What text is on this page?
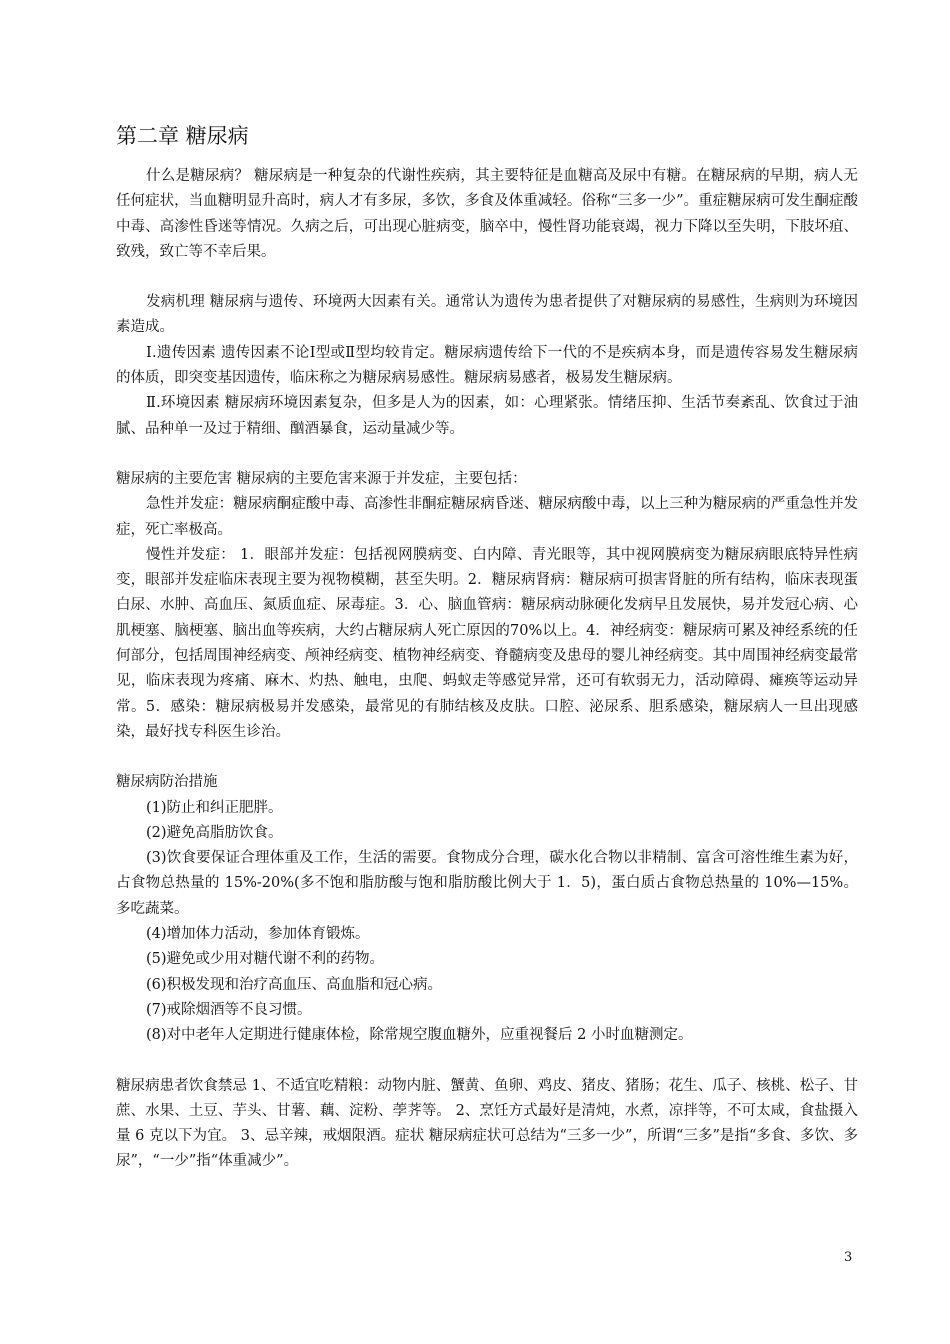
第二章 糖尿病

什么是糖尿病？ 糖尿病是一种复杂的代谢性疾病，其主要特征是血糖高及尿中有糖。在糖尿病的早期，病人无任何症状，当血糖明显升高时，病人才有多尿，多饮，多食及体重减轻。俗称“三多一少”。重症糖尿病可发生酮症酸中毒、高渗性昏迷等情况。久病之后，可出现心脏病变，脑卒中，慢性肾功能衰竭，视力下降以至失明，下肢坏疽、致残，致亡等不幸后果。

发病机理 糖尿病与遗传、环境两大因素有关。通常认为遗传为患者提供了对糖尿病的易感性，生病则为环境因素造成。

Ⅰ.遗传因素 遗传因素不论Ⅰ型或Ⅱ型均较肯定。糖尿病遗传给下一代的不是疾病本身，而是遗传容易发生糖尿病的体质，即突变基因遗传，临床称之为糖尿病易感性。糖尿病易感者，极易发生糖尿病。

Ⅱ.环境因素 糖尿病环境因素复杂，但多是人为的因素，如：心理紧张。情绪压抑、生活节奏紊乱、饮食过于油腻、品种单一及过于精细、酗酒暴食，运动量减少等。

糖尿病的主要危害 糖尿病的主要危害来源于并发症，主要包括：

急性并发症：糖尿病酮症酸中毒、高渗性非酮症糖尿病昏迷、糖尿病酸中毒，以上三种为糖尿病的严重急性并发症，死亡率极高。

慢性并发症： 1．眼部并发症：包括视网膜病变、白内障、青光眼等，其中视网膜病变为糖尿病眼底特异性病变，眼部并发症临床表现主要为视物模糊，甚至失明。2．糖尿病肾病：糖尿病可损害肾脏的所有结构，临床表现蛋白尿、水肿、高血压、氮质血症、尿毒症。3．心、脑血管病：糖尿病动脉硬化发病早且发展快，易并发冠心病、心肌梗塞、脑梗塞、脑出血等疾病，大约占糖尿病人死亡原因的70%以上。4．神经病变：糖尿病可累及神经系统的任何部分，包括周围神经病变、颅神经病变、植物神经病变、脊髓病变及患母的婴儿神经病变。其中周围神经病变最常见，临床表现为疼痛、麻木、灼热、触电，虫爬、蚂蚁走等感觉异常，还可有软弱无力，活动障碍、瘫痪等运动异常。5．感染：糖尿病极易并发感染，最常见的有肺结核及皮肤。口腔、泌尿系、胆系感染，糖尿病人一旦出现感染，最好找专科医生诊治。

糖尿病防治措施

(1)防止和纠正肥胖。

(2)避免高脂肪饮食。

(3)饮食要保证合理体重及工作，生活的需要。食物成分合理，碳水化合物以非精制、富含可溶性维生素为好，占食物总热量的 15%-20%(多不饱和脂肪酸与饱和脂肪酸比例大于 1．5)，蛋白质占食物总热量的 10%—15%。多吃蔬菜。

(4)增加体力活动，参加体育锻炼。

(5)避免或少用对糖代谢不利的药物。

(6)积极发现和治疗高血压、高血脂和冠心病。

(7)戒除烟酒等不良习惯。

(8)对中老年人定期进行健康体检，除常规空腹血糖外，应重视餐后 2 小时血糖测定。

糖尿病患者饮食禁忌 1、不适宜吃精粮：动物内脏、蟹黄、鱼卵、鸡皮、猪皮、猪肠；花生、瓜子、核桃、松子、甘蔗、水果、土豆、芋头、甘薯、藕、淀粉、荸荠等。 2、烹饪方式最好是清炖，水煮，凉拌等，不可太咸，食盐摄入量 6 克以下为宜。 3、忌辛辣，戒烟限酒。症状 糖尿病症状可总结为“三多一少”，所谓“三多”是指“多食、多饮、多尿”，“一少”指“体重减少”。

3
